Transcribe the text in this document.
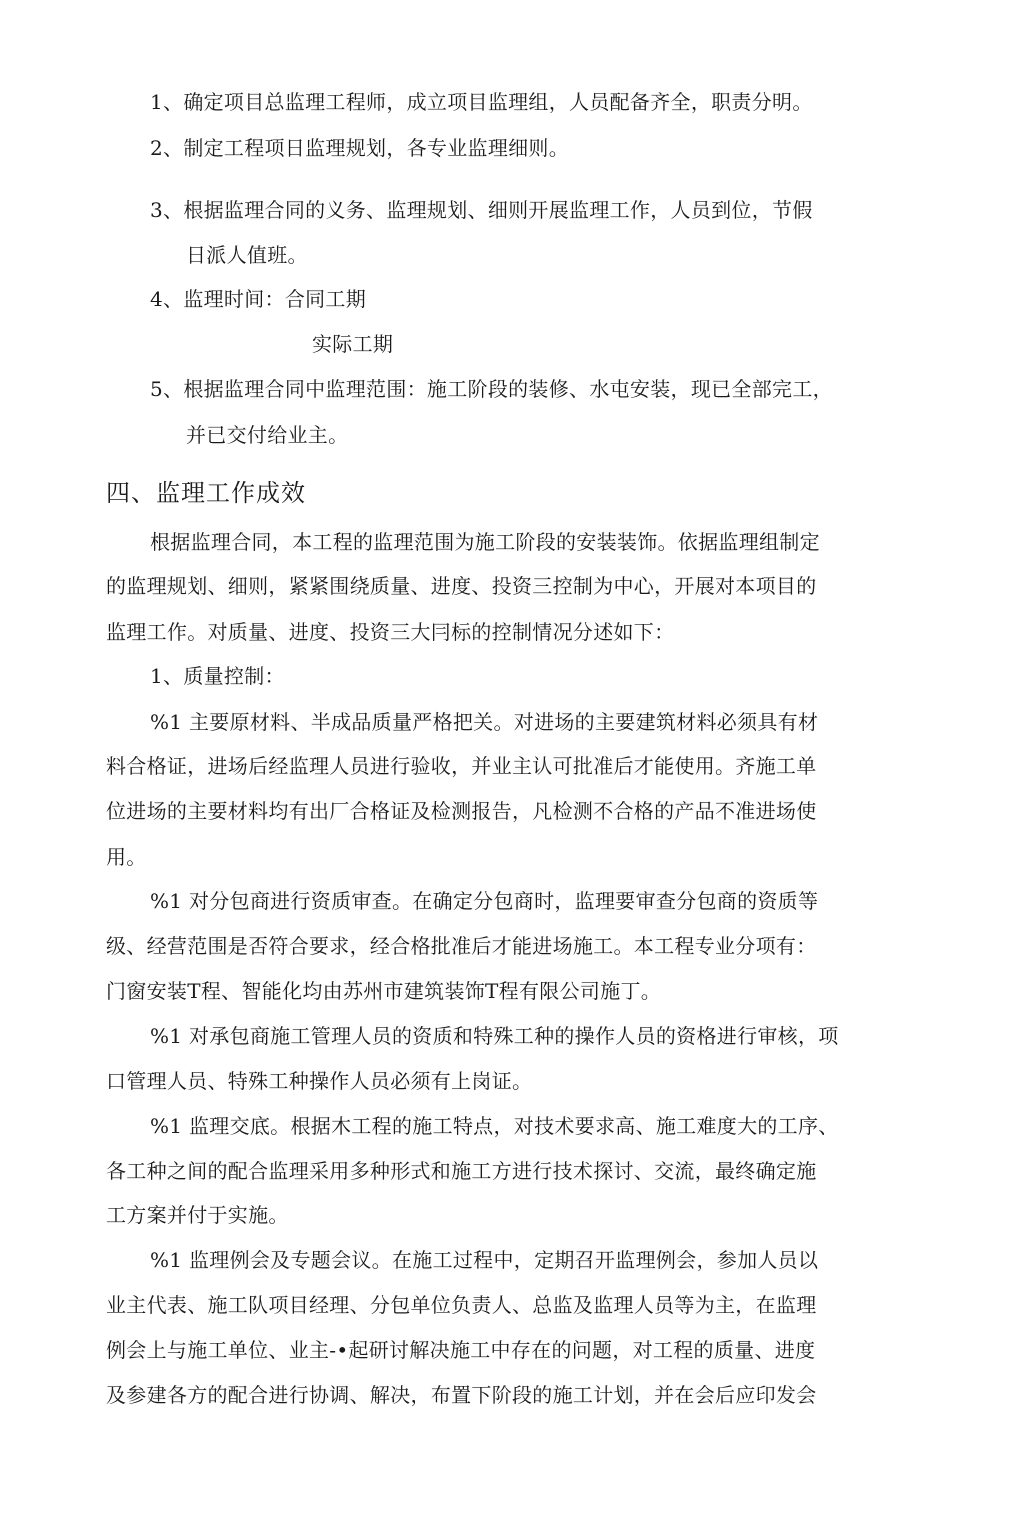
1、确定项目总监理工程师，成立项目监理组，人员配备齐全，职责分明。
2、制定工程项日监理规划，各专业监理细则。
3、根据监理合同的义务、监理规划、细则开展监理工作，人员到位，节假
日派人值班。
4、监理时间：合同工期
实际工期
5、根据监理合同中监理范围：施工阶段的装修、水屯安装，现已全部完工，
并已交付给业主。
四、监理工作成效
根据监理合同，本工程的监理范围为施工阶段的安装装饰。依据监理组制定
的监理规划、细则，紧紧围绕质量、进度、投资三控制为中心，开展对本项目的
监理工作。对质量、进度、投资三大冃标的控制情况分述如下：
1、质量控制：
%1 主要原材料、半成品质量严格把关。对进场的主要建筑材料必须具有材
料合格证，进场后经监理人员进行验收，并业主认可批准后才能使用。齐施工单
位进场的主要材料均有出厂合格证及检测报告，凡检测不合格的产品不准进场使
用。
%1 对分包商进行资质审查。在确定分包商时，监理要审查分包商的资质等
级、经营范围是否符合要求，经合格批准后才能进场施工。本工程专业分项有：
门窗安装T程、智能化均由苏州市建筑装饰T程有限公司施丁。
%1 对承包商施工管理人员的资质和特殊工种的操作人员的资格进行审核，项
口管理人员、特殊工种操作人员必须有上岗证。
%1 监理交底。根据木工程的施工特点，对技术要求高、施工难度大的工序、
各工种之间的配合监理采用多种形式和施工方进行技术探讨、交流，最终确定施
工方案并付于实施。
%1 监理例会及专题会议。在施工过程中，定期召开监理例会，参加人员以
业主代表、施工队项目经理、分包单位负责人、总监及监理人员等为主，在监理
例会上与施工单位、业主-•起研讨解决施工中存在的问题，对工程的质量、进度
及参建各方的配合进行协调、解决，布置下阶段的施工计划，并在会后应印发会
